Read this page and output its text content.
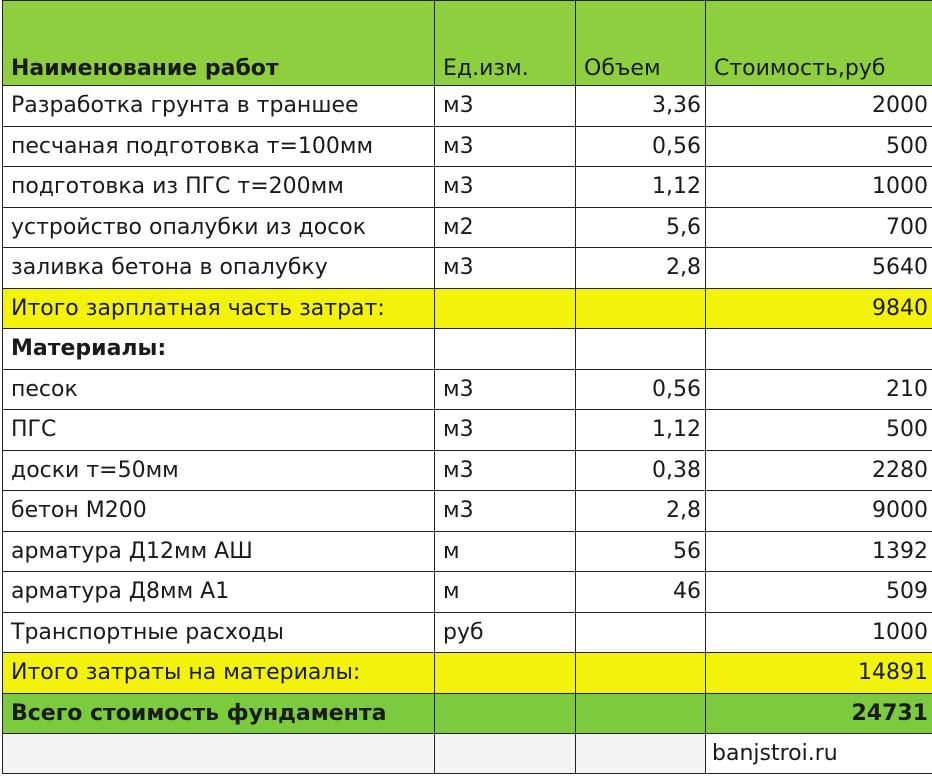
Наименование работ	Ед.изм.	Объем	Стоимость,руб
Разработка грунта в траншее	м3	3,36	2000
песчаная подготовка т=100мм	м3	0,56	500
подготовка из ПГС т=200мм	м3	1,12	1000
устройство опалубки из досок	м2	5,6	700
заливка бетона в опалубку	м3	2,8	5640
Итого зарплатная часть затрат:			9840
Материалы:			
песок	м3	0,56	210
ПГС	м3	1,12	500
доски т=50мм	м3	0,38	2280
бетон М200	м3	2,8	9000
арматура Д12мм АШ	м	56	1392
арматура Д8мм А1	м	46	509
Транспортные расходы	руб		1000
Итого затраты на материалы:			14891
Всего стоимость фундамента			24731
			banjstroi.ru
